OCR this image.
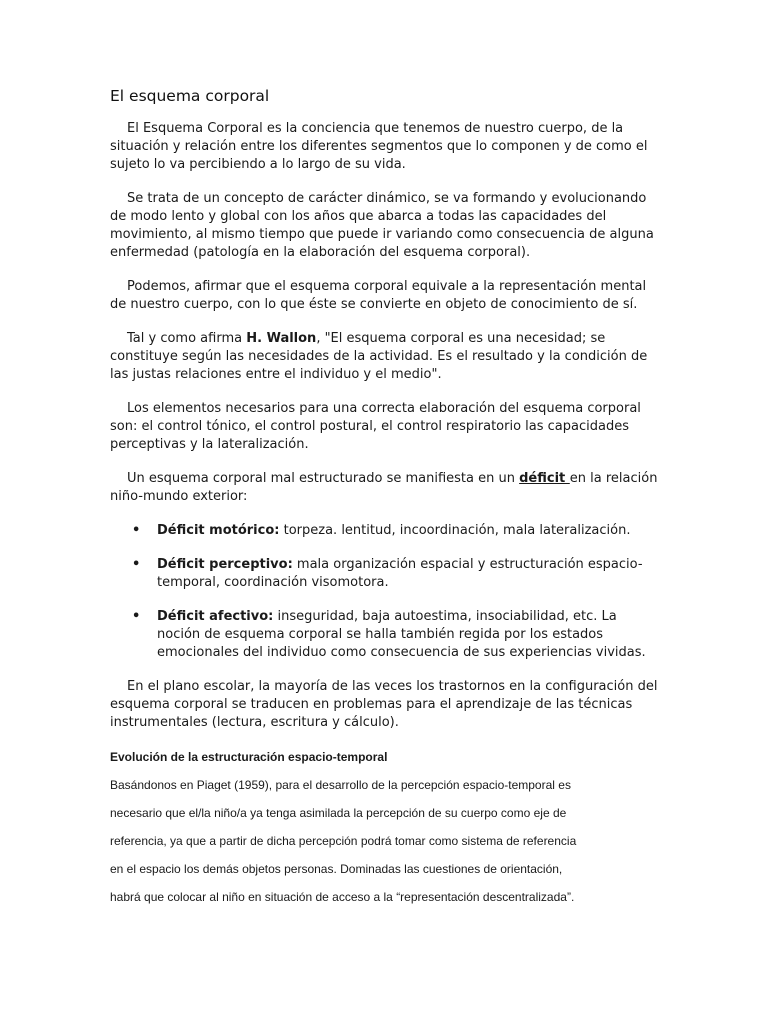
El esquema corporal

El Esquema Corporal es la conciencia que tenemos de nuestro cuerpo, de la situación y relación entre los diferentes segmentos que lo componen y de como el sujeto lo va percibiendo a lo largo de su vida.

Se trata de un concepto de carácter dinámico, se va formando y evolucionando de modo lento y global con los años que abarca a todas las capacidades del movimiento, al mismo tiempo que puede ir variando como consecuencia de alguna enfermedad (patología en la elaboración del esquema corporal).

Podemos, afirmar que el esquema corporal equivale a la representación mental de nuestro cuerpo, con lo que éste se convierte en objeto de conocimiento de sí.

Tal y como afirma H. Wallon, "El esquema corporal es una necesidad; se constituye según las necesidades de la actividad. Es el resultado y la condición de las justas relaciones entre el individuo y el medio".

Los elementos necesarios para una correcta elaboración del esquema corporal son: el control tónico, el control postural, el control respiratorio las capacidades perceptivas y la lateralización.

Un esquema corporal mal estructurado se manifiesta en un déficit en la relación niño-mundo exterior:

• Déficit motórico: torpeza. lentitud, incoordinación, mala lateralización.
• Déficit perceptivo: mala organización espacial y estructuración espacio-temporal, coordinación visomotora.
• Déficit afectivo: inseguridad, baja autoestima, insociabilidad, etc. La noción de esquema corporal se halla también regida por los estados emocionales del individuo como consecuencia de sus experiencias vividas.

En el plano escolar, la mayoría de las veces los trastornos en la configuración del esquema corporal se traducen en problemas para el aprendizaje de las técnicas instrumentales (lectura, escritura y cálculo).

Evolución de la estructuración espacio-temporal
Basándonos en Piaget (1959), para el desarrollo de la percepción espacio-temporal es
necesario que el/la niño/a ya tenga asimilada la percepción de su cuerpo como eje de
referencia, ya que a partir de dicha percepción podrá tomar como sistema de referencia
en el espacio los demás objetos personas. Dominadas las cuestiones de orientación,
habrá que colocar al niño en situación de acceso a la “representación descentralizada”.
